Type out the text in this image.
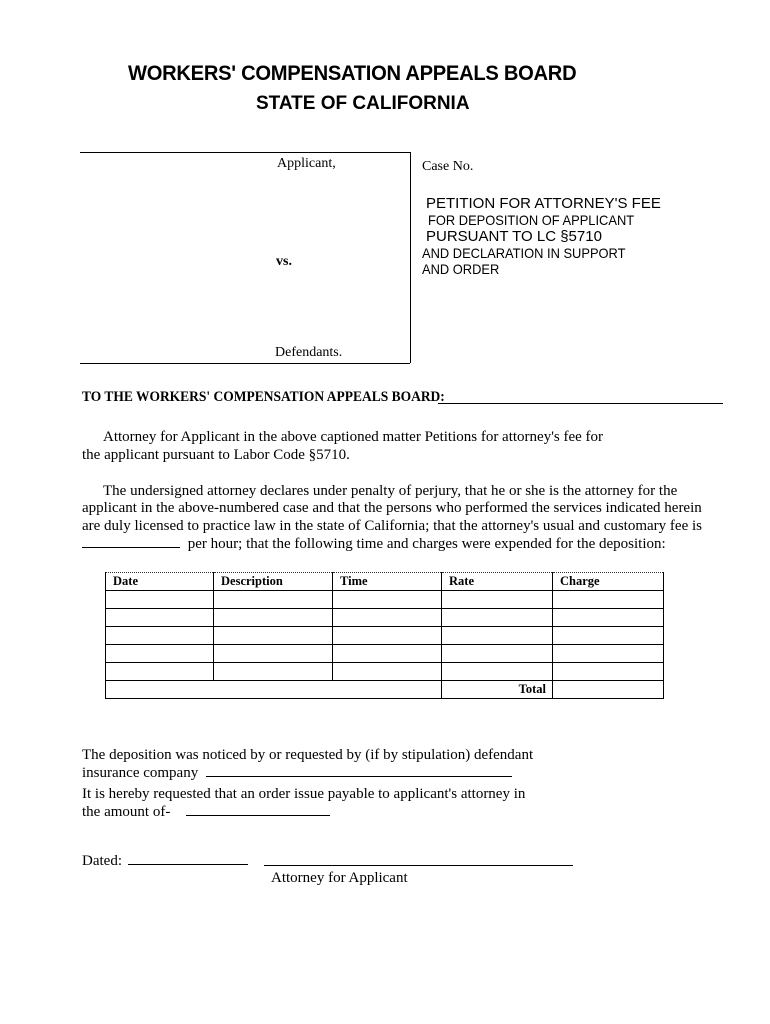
WORKERS' COMPENSATION APPEALS BOARD
STATE OF CALIFORNIA
Applicant,
vs.
Defendants.
Case No.
PETITION FOR ATTORNEY'S FEE
FOR DEPOSITION OF APPLICANT
PURSUANT TO LC §5710
AND DECLARATION IN SUPPORT
AND ORDER
TO THE WORKERS' COMPENSATION APPEALS BOARD:
Attorney for Applicant in the above captioned matter Petitions for attorney's fee for
the applicant pursuant to Labor Code §5710.
The undersigned attorney declares under penalty of perjury, that he or she is the attorney for the
applicant in the above-numbered case and that the persons who performed the services indicated herein
are duly licensed to practice law in the state of California; that the attorney's usual and customary fee is
per hour; that the following time and charges were expended for the deposition:
Date	Description	Time	Rate	Charge

			Total	
The deposition was noticed by or requested by (if by stipulation) defendant
insurance company
It is hereby requested that an order issue payable to applicant's attorney in
the amount of-
Dated:
Attorney for Applicant
